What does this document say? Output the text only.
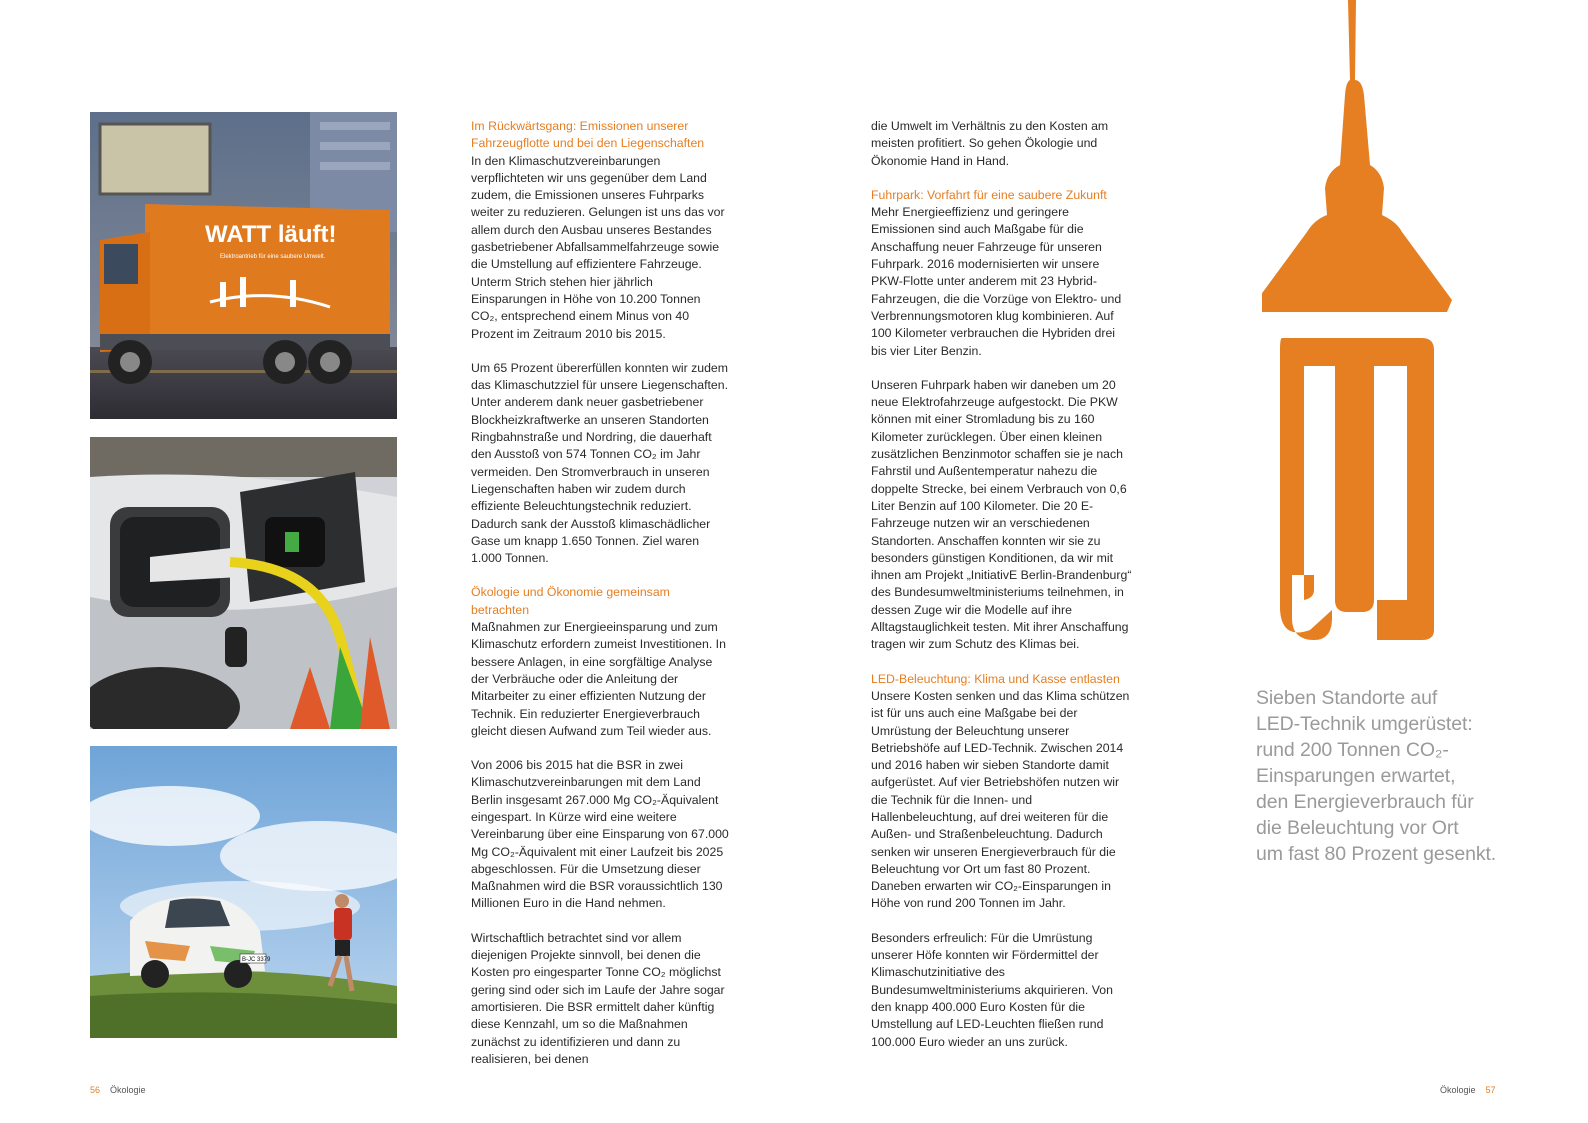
WATT läuft!
Elektroantrieb für eine saubere Umwelt.
B-JC 3379
Im Rückwärtsgang: Emissionen unserer Fahrzeugflotte und bei den Liegenschaften

In den Klimaschutzvereinbarungen verpflichteten wir uns gegenüber dem Land zudem, die Emissionen unseres Fuhrparks weiter zu reduzieren. Gelungen ist uns das vor allem durch den Ausbau unseres Bestandes gasbetriebener Abfallsammelfahrzeuge sowie die Umstellung auf effizientere Fahrzeuge. Unterm Strich stehen hier jährlich Einsparungen in Höhe von 10.200 Tonnen CO₂, entsprechend einem Minus von 40 Prozent im Zeitraum 2010 bis 2015.

Um 65 Prozent übererfüllen konnten wir zudem das Klimaschutzziel für unsere Liegenschaften. Unter anderem dank neuer gasbetriebener Blockheizkraftwerke an unseren Standorten Ringbahnstraße und Nordring, die dauerhaft den Ausstoß von 574 Tonnen CO₂ im Jahr vermeiden. Den Stromverbrauch in unseren Liegenschaften haben wir zudem durch effiziente Beleuchtungstechnik reduziert. Dadurch sank der Ausstoß klimaschädlicher Gase um knapp 1.650 Tonnen. Ziel waren 1.000 Tonnen.

Ökologie und Ökonomie gemeinsam betrachten

Maßnahmen zur Energieeinsparung und zum Klimaschutz erfordern zumeist Investitionen. In bessere Anlagen, in eine sorgfältige Analyse der Verbräuche oder die Anleitung der Mitarbeiter zu einer effizienten Nutzung der Technik. Ein reduzierter Energieverbrauch gleicht diesen Aufwand zum Teil wieder aus.

Von 2006 bis 2015 hat die BSR in zwei Klimaschutzvereinbarungen mit dem Land Berlin insgesamt 267.000 Mg CO₂-Äquivalent eingespart. In Kürze wird eine weitere Vereinbarung über eine Einsparung von 67.000 Mg CO₂-Äquivalent mit einer Laufzeit bis 2025 abgeschlossen. Für die Umsetzung dieser Maßnahmen wird die BSR voraussichtlich 130 Millionen Euro in die Hand nehmen.

Wirtschaftlich betrachtet sind vor allem diejenigen Projekte sinnvoll, bei denen die Kosten pro eingesparter Tonne CO₂ möglichst gering sind oder sich im Laufe der Jahre sogar amortisieren. Die BSR ermittelt daher künftig diese Kennzahl, um so die Maßnahmen zunächst zu identifizieren und dann zu realisieren, bei denen

die Umwelt im Verhältnis zu den Kosten am meisten profitiert. So gehen Ökologie und Ökonomie Hand in Hand.

Fuhrpark: Vorfahrt für eine saubere Zukunft

Mehr Energieeffizienz und geringere Emissionen sind auch Maßgabe für die Anschaffung neuer Fahrzeuge für unseren Fuhrpark. 2016 modernisierten wir unsere PKW-Flotte unter anderem mit 23 Hybrid-Fahrzeugen, die die Vorzüge von Elektro- und Verbrennungsmotoren klug kombinieren. Auf 100 Kilometer verbrauchen die Hybriden drei bis vier Liter Benzin.

Unseren Fuhrpark haben wir daneben um 20 neue Elektrofahrzeuge aufgestockt. Die PKW können mit einer Stromladung bis zu 160 Kilometer zurücklegen. Über einen kleinen zusätzlichen Benzinmotor schaffen sie je nach Fahrstil und Außentemperatur nahezu die doppelte Strecke, bei einem Verbrauch von 0,6 Liter Benzin auf 100 Kilometer. Die 20 E-Fahrzeuge nutzen wir an verschiedenen Standorten. Anschaffen konnten wir sie zu besonders günstigen Konditionen, da wir mit ihnen am Projekt „InitiativE Berlin-Brandenburg“ des Bundesumweltministeriums teilnehmen, in dessen Zuge wir die Modelle auf ihre Alltagstauglichkeit testen. Mit ihrer Anschaffung tragen wir zum Schutz des Klimas bei.

LED-Beleuchtung: Klima und Kasse entlasten

Unsere Kosten senken und das Klima schützen ist für uns auch eine Maßgabe bei der Umrüstung der Beleuchtung unserer Betriebshöfe auf LED-Technik. Zwischen 2014 und 2016 haben wir sieben Standorte damit aufgerüstet. Auf vier Betriebshöfen nutzen wir die Technik für die Innen- und Hallenbeleuchtung, auf drei weiteren für die Außen- und Straßenbeleuchtung. Dadurch senken wir unseren Energieverbrauch für die Beleuchtung vor Ort um fast 80 Prozent. Daneben erwarten wir CO₂-Einsparungen in Höhe von rund 200 Tonnen im Jahr.

Besonders erfreulich: Für die Umrüstung unserer Höfe konnten wir Fördermittel der Klimaschutzinitiative des Bundesumweltministeriums akquirieren. Von den knapp 400.000 Euro Kosten für die Umstellung auf LED-Leuchten fließen rund 100.000 Euro wieder an uns zurück.

Sieben Standorte auf
LED-Technik umgerüstet:
rund 200 Tonnen CO₂-
Einsparungen erwartet,
den Energieverbrauch für
die Beleuchtung vor Ort
um fast 80 Prozent gesenkt.
56 Ökologie	Ökologie 57
